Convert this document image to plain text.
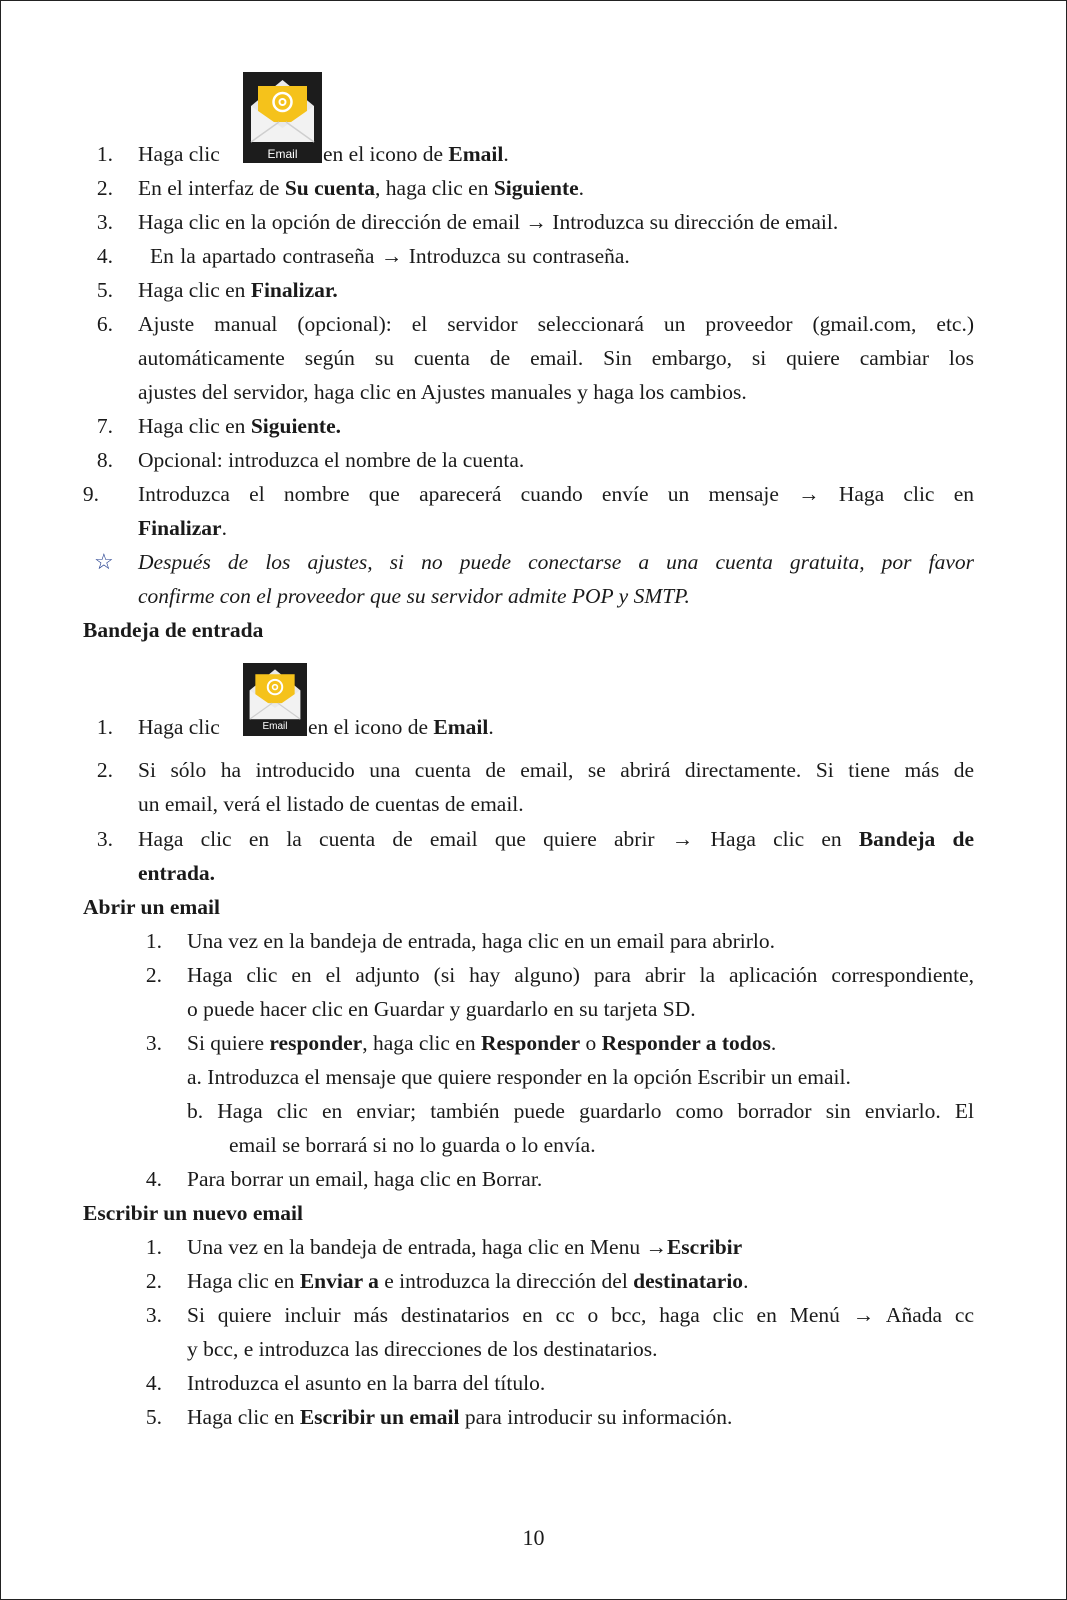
1. Haga clic	Email	en el icono de Email.
2. En el interfaz de Su cuenta, haga clic en Siguiente.
3. Haga clic en la opción de dirección de email → Introduzca su dirección de email.
4. En la apartado contraseña → Introduzca su contraseña.
5. Haga clic en Finalizar.
6. Ajuste manual (opcional): el servidor seleccionará un proveedor (gmail.com, etc.)
automáticamente según su cuenta de email. Sin embargo, si quiere cambiar los
ajustes del servidor, haga clic en Ajustes manuales y haga los cambios.
7. Haga clic en Siguiente.
8. Opcional: introduzca el nombre de la cuenta.
9. Introduzca el nombre que aparecerá cuando envíe un mensaje → Haga clic en
Finalizar.
☆ Después de los ajustes, si no puede conectarse a una cuenta gratuita, por favor
confirme con el proveedor que su servidor admite POP y SMTP.
Bandeja de entrada
1. Haga clic	Email en el icono de Email.
2. Si sólo ha introducido una cuenta de email, se abrirá directamente. Si tiene más de
un email, verá el listado de cuentas de email.
3. Haga clic en la cuenta de email que quiere abrir → Haga clic en Bandeja de
entrada.
Abrir un email
1. Una vez en la bandeja de entrada, haga clic en un email para abrirlo.
2. Haga clic en el adjunto (si hay alguno) para abrir la aplicación correspondiente,
o puede hacer clic en Guardar y guardarlo en su tarjeta SD.
3. Si quiere responder, haga clic en Responder o Responder a todos.
a. Introduzca el mensaje que quiere responder en la opción Escribir un email.
b. Haga clic en enviar; también puede guardarlo como borrador sin enviarlo. El
email se borrará si no lo guarda o lo envía.
4. Para borrar un email, haga clic en Borrar.
Escribir un nuevo email
1. Una vez en la bandeja de entrada, haga clic en Menu →Escribir
2. Haga clic en Enviar a e introduzca la dirección del destinatario.
3. Si quiere incluir más destinatarios en cc o bcc, haga clic en Menú → Añada cc
y bcc, e introduzca las direcciones de los destinatarios.
4. Introduzca el asunto en la barra del título.
5. Haga clic en Escribir un email para introducir su información.
10
